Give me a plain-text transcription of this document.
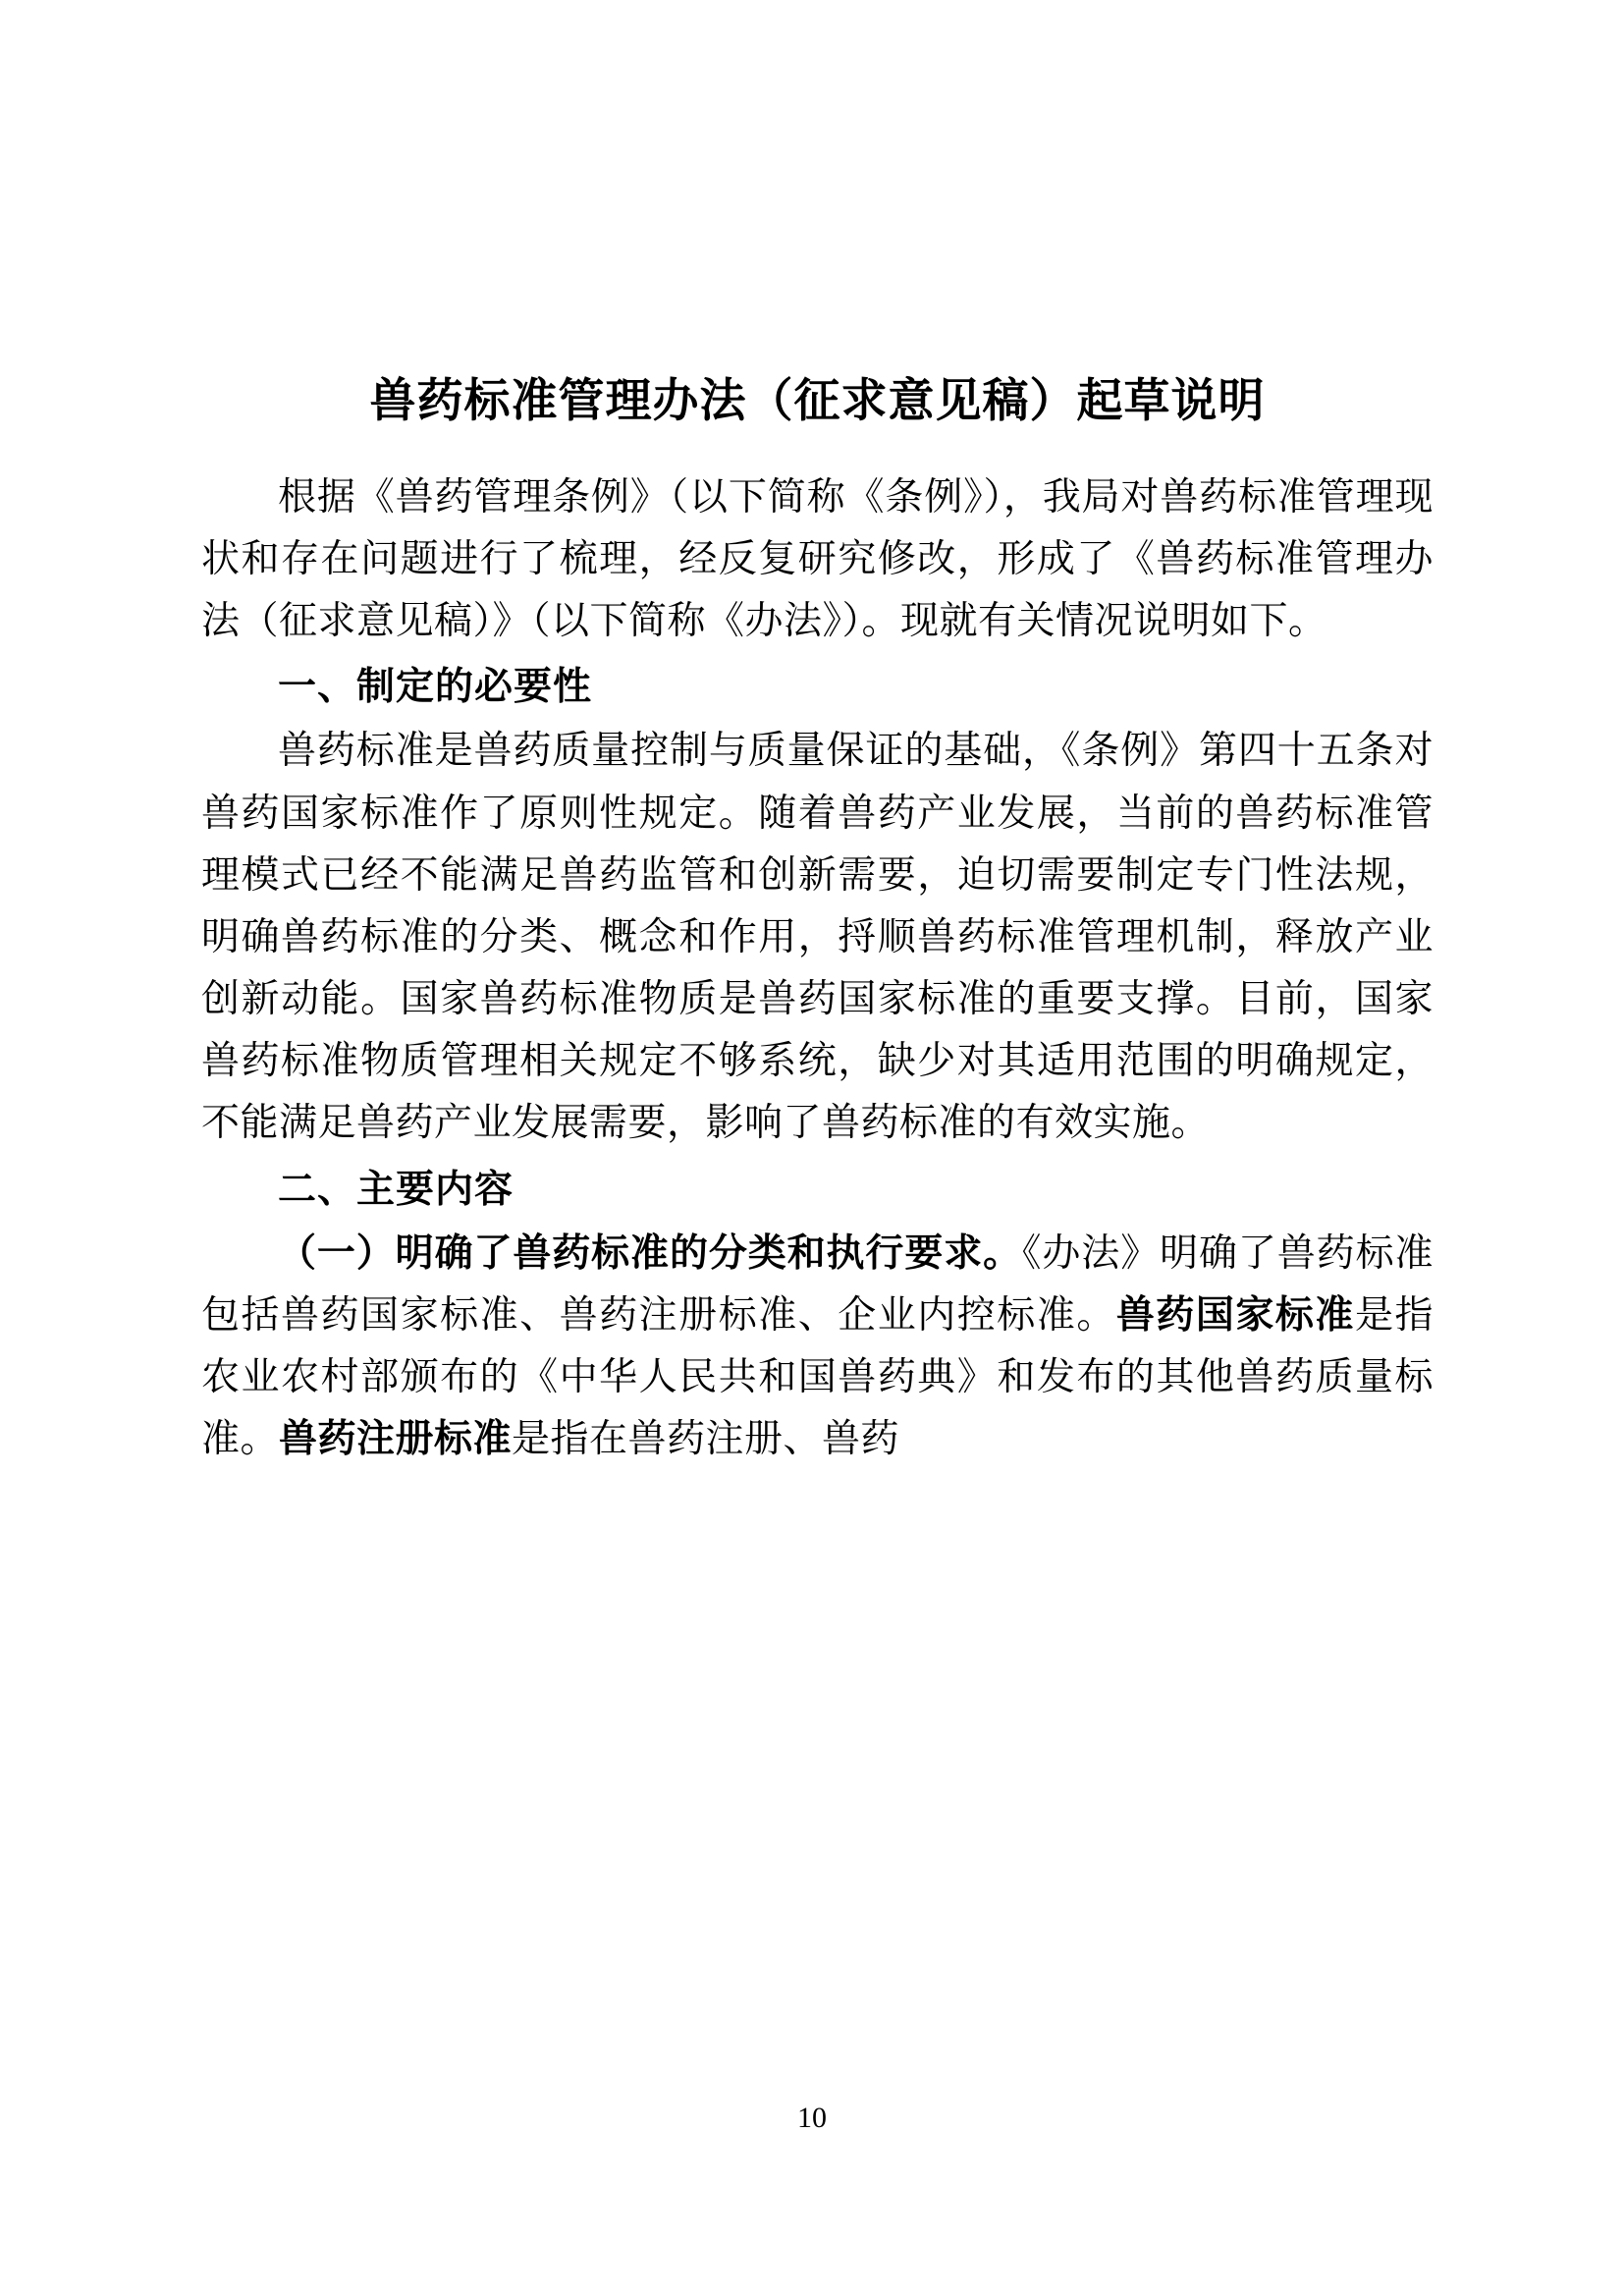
兽药标准管理办法（征求意见稿）起草说明

根据《兽药管理条例》（以下简称《条例》），我局对兽药标准管理现状和存在问题进行了梳理，经反复研究修改，形成了《兽药标准管理办法（征求意见稿）》（以下简称《办法》）。现就有关情况说明如下。

一、制定的必要性

兽药标准是兽药质量控制与质量保证的基础，《条例》第四十五条对兽药国家标准作了原则性规定。随着兽药产业发展，当前的兽药标准管理模式已经不能满足兽药监管和创新需要，迫切需要制定专门性法规，明确兽药标准的分类、概念和作用，捋顺兽药标准管理机制，释放产业创新动能。国家兽药标准物质是兽药国家标准的重要支撑。目前，国家兽药标准物质管理相关规定不够系统，缺少对其适用范围的明确规定，不能满足兽药产业发展需要，影响了兽药标准的有效实施。

二、主要内容

（一）明确了兽药标准的分类和执行要求。《办法》明确了兽药标准包括兽药国家标准、兽药注册标准、企业内控标准。兽药国家标准是指农业农村部颁布的《中华人民共和国兽药典》和发布的其他兽药质量标准。兽药注册标准是指在兽药注册、兽药

10
